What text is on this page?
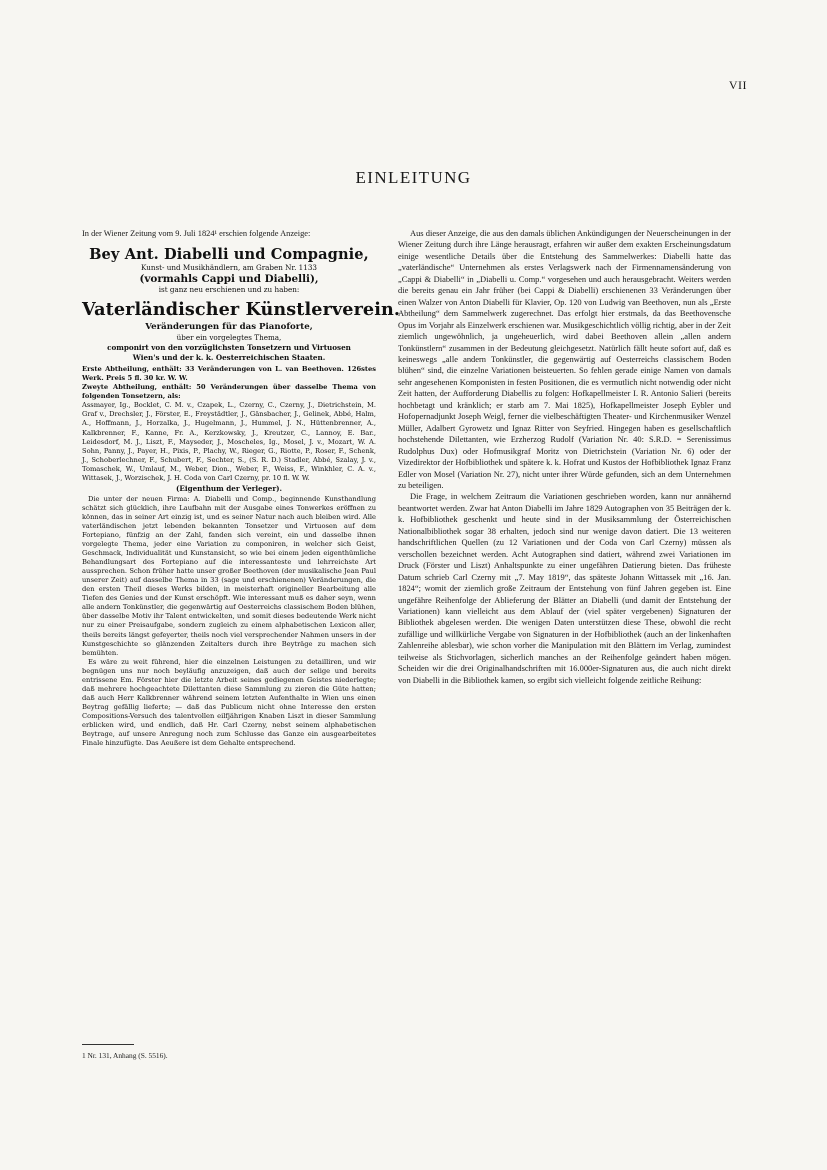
VII
EINLEITUNG

In der Wiener Zeitung vom 9. Juli 1824¹ erschien folgende Anzeige:

Bey Ant. Diabelli und Compagnie,
Kunst- und Musikhändlern, am Graben Nr. 1133
(vormahls Cappi und Diabelli),
ist ganz neu erschienen und zu haben:
Vaterländischer Künstlerverein.
Veränderungen für das Pianoforte,
über ein vorgelegtes Thema,
componirt von den vorzüglichsten Tonsetzern und Virtuosen
Wien's und der k. k. Oesterreichischen Staaten.

Erste Abtheilung, enthält: 33 Veränderungen von L. van Beethoven. 126stes Werk. Preis 5 fl. 30 kr. W. W.

Zweyte Abtheilung, enthält: 50 Veränderungen über dasselbe Thema von folgenden Tonsetzern, als:

Assmayer, Ig., Bocklet, C. M. v., Czapek, L., Czerny, C., Czerny, J., Dietrichstein, M. Graf v., Drechsler, J., Förster, E., Freystädtler, J., Gänsbacher, J., Gelinek, Abbé, Halm, A., Hoffmann, J., Horzalka, J., Hugelmann, J., Hummel, J. N., Hüttenbrenner, A., Kalkbrenner, F., Kanne, Fr. A., Kerzkowsky, J., Kreutzer, C., Lannoy, E. Bar., Leidesdorf, M. J., Liszt, F., Mayseder, J., Moscheles, Ig., Mosel, J. v., Mozart, W. A. Sohn, Panny, J., Payer, H., Pixis, P., Plachy, W., Rieger, G., Riotte, P., Roser, F., Schenk, J., Schoberlechner, F., Schubert, F., Sechter, S., (S. R. D.) Stadler, Abbé, Szalay, J. v., Tomaschek, W., Umlauf, M., Weber, Dion., Weber, F., Weiss, F., Winkhler, C. A. v., Wittasek, J., Worzischek, J. H. Coda von Carl Czerny, pr. 10 fl. W. W.

(Eigenthum der Verleger).

Die unter der neuen Firma: A. Diabelli und Comp., beginnende Kunsthandlung schätzt sich glücklich, ihre Laufbahn mit der Ausgabe eines Tonwerkes eröffnen zu können, das in seiner Art einzig ist, und es seiner Natur nach auch bleiben wird. Alle vaterländischen jetzt lebenden bekannten Tonsetzer und Virtuosen auf dem Fortepiano, fünfzig an der Zahl, fanden sich vereint, ein und dasselbe ihnen vorgelegte Thema, jeder eine Variation zu componiren, in welcher sich Geist, Geschmack, Individualität und Kunstansicht, so wie bei einem jeden eigenthümliche Behandlungsart des Fortepiano auf die interessanteste und lehrreichste Art aussprechen. Schon früher hatte unser großer Beethoven (der musikalische Jean Paul unserer Zeit) auf dasselbe Thema in 33 (sage und erschienenen) Veränderungen, die den ersten Theil dieses Werks bilden, in meisterhaft origineller Bearbeitung alle Tiefen des Genies und der Kunst erschöpft. Wie interessant muß es daher seyn, wenn alle andern Tonkünstler, die gegenwärtig auf Oesterreichs classischem Boden blühen, über dasselbe Motiv ihr Talent entwickelten, und somit dieses bedeutende Werk nicht nur zu einer Preisaufgabe, sondern zugleich zu einem alphabetischen Lexicon aller, theils bereits längst gefeyerter, theils noch viel versprechender Nahmen unsers in der Kunstgeschichte so glänzenden Zeitalters durch ihre Beyträge zu machen sich bemühten.

Es wäre zu weit führend, hier die einzelnen Leistungen zu detailliren, und wir begnügen uns nur noch beyläufig anzuzeigen, daß auch der selige und bereits entrissene Em. Förster hier die letzte Arbeit seines gediegenen Geistes niederlegte; daß mehrere hochgeachtete Dilettanten diese Sammlung zu zieren die Güte hatten; daß auch Herr Kalkbrenner während seinem letzten Aufenthalte in Wien uns einen Beytrag gefällig lieferte; — daß das Publicum nicht ohne Interesse den ersten Compositions-Versuch des talentvollen eilfjährigen Knaben Liszt in dieser Sammlung erblicken wird, und endlich, daß Hr. Carl Czerny, nebst seinem alphabetischen Beytrage, auf unsere Anregung noch zum Schlusse das Ganze ein ausgearbeitetes Finale hinzufügte. Das Aeußere ist dem Gehalte entsprechend.

1 Nr. 131, Anhang (S. 5516).

Aus dieser Anzeige, die aus den damals üblichen Ankündigungen der Neuerscheinungen in der Wiener Zeitung durch ihre Länge herausragt, erfahren wir außer dem exakten Erscheinungsdatum einige wesentliche Details über die Entstehung des Sammelwerkes: Diabelli hatte das „vaterländische“ Unternehmen als erstes Verlagswerk nach der Firmennamensänderung von „Cappi & Diabelli“ in „Diabelli u. Comp.“ vorgesehen und auch herausgebracht. Weiters werden die bereits genau ein Jahr früher (bei Cappi & Diabelli) erschienenen 33 Veränderungen über einen Walzer von Anton Diabelli für Klavier, Op. 120 von Ludwig van Beethoven, nun als „Erste Abtheilung“ dem Sammelwerk zugerechnet. Das erfolgt hier erstmals, da das Beethovensche Opus im Vorjahr als Einzelwerk erschienen war. Musikgeschichtlich völlig richtig, aber in der Zeit ziemlich ungewöhnlich, ja ungeheuerlich, wird dabei Beethoven allein „allen andern Tonkünstlern“ zusammen in der Bedeutung gleichgesetzt. Natürlich fällt heute sofort auf, daß es keineswegs „alle andern Tonkünstler, die gegenwärtig auf Oesterreichs classischem Boden blühen“ sind, die einzelne Variationen beisteuerten. So fehlen gerade einige Namen von damals sehr angesehenen Komponisten in festen Positionen, die es vermutlich nicht notwendig oder nicht Zeit hatten, der Aufforderung Diabellis zu folgen: Hofkapellmeister I. R. Antonio Salieri (bereits hochbetagt und kränklich; er starb am 7. Mai 1825), Hofkapellmeister Joseph Eybler und Hofopernadjunkt Joseph Weigl, ferner die vielbeschäftigten Theater- und Kirchenmusiker Wenzel Müller, Adalbert Gyrowetz und Ignaz Ritter von Seyfried. Hingegen haben es gesellschaftlich hochstehende Dilettanten, wie Erzherzog Rudolf (Variation Nr. 40: S.R.D. = Serenissimus Rudolphus Dux) oder Hofmusikgraf Moritz von Dietrichstein (Variation Nr. 6) oder der Vizedirektor der Hofbibliothek und spätere k. k. Hofrat und Kustos der Hofbibliothek Ignaz Franz Edler von Mosel (Variation Nr. 27), nicht unter ihrer Würde gefunden, sich an dem Unternehmen zu beteiligen.

Die Frage, in welchem Zeitraum die Variationen geschrieben worden, kann nur annähernd beantwortet werden. Zwar hat Anton Diabelli im Jahre 1829 Autographen von 35 Beiträgen der k. k. Hofbibliothek geschenkt und heute sind in der Musiksammlung der Österreichischen Nationalbibliothek sogar 38 erhalten, jedoch sind nur wenige davon datiert. Die 13 weiteren handschriftlichen Quellen (zu 12 Variationen und der Coda von Carl Czerny) müssen als verschollen bezeichnet werden. Acht Autographen sind datiert, während zwei Variationen im Druck (Förster und Liszt) Anhaltspunkte zu einer ungefähren Datierung bieten. Das früheste Datum schrieb Carl Czerny mit „7. May 1819“, das späteste Johann Wittassek mit „16. Jan. 1824“; womit der ziemlich große Zeitraum der Entstehung von fünf Jahren gegeben ist. Eine ungefähre Reihenfolge der Ablieferung der Blätter an Diabelli (und damit der Entstehung der Variationen) kann vielleicht aus dem Ablauf der (viel später vergebenen) Signaturen der Bibliothek abgelesen werden. Die wenigen Daten unterstützen diese These, obwohl die recht zufällige und willkürliche Vergabe von Signaturen in der Hofbibliothek (auch an der linkenhaften Zahlenreihe ablesbar), wie schon vorher die Manipulation mit den Blättern im Verlag, zumindest teilweise als Stichvorlagen, sicherlich manches an der Reihenfolge geändert haben mögen. Scheiden wir die drei Originalhandschriften mit 16.000er-Signaturen aus, die auch nicht direkt von Diabelli in die Bibliothek kamen, so ergibt sich vielleicht folgende zeitliche Reihung:
